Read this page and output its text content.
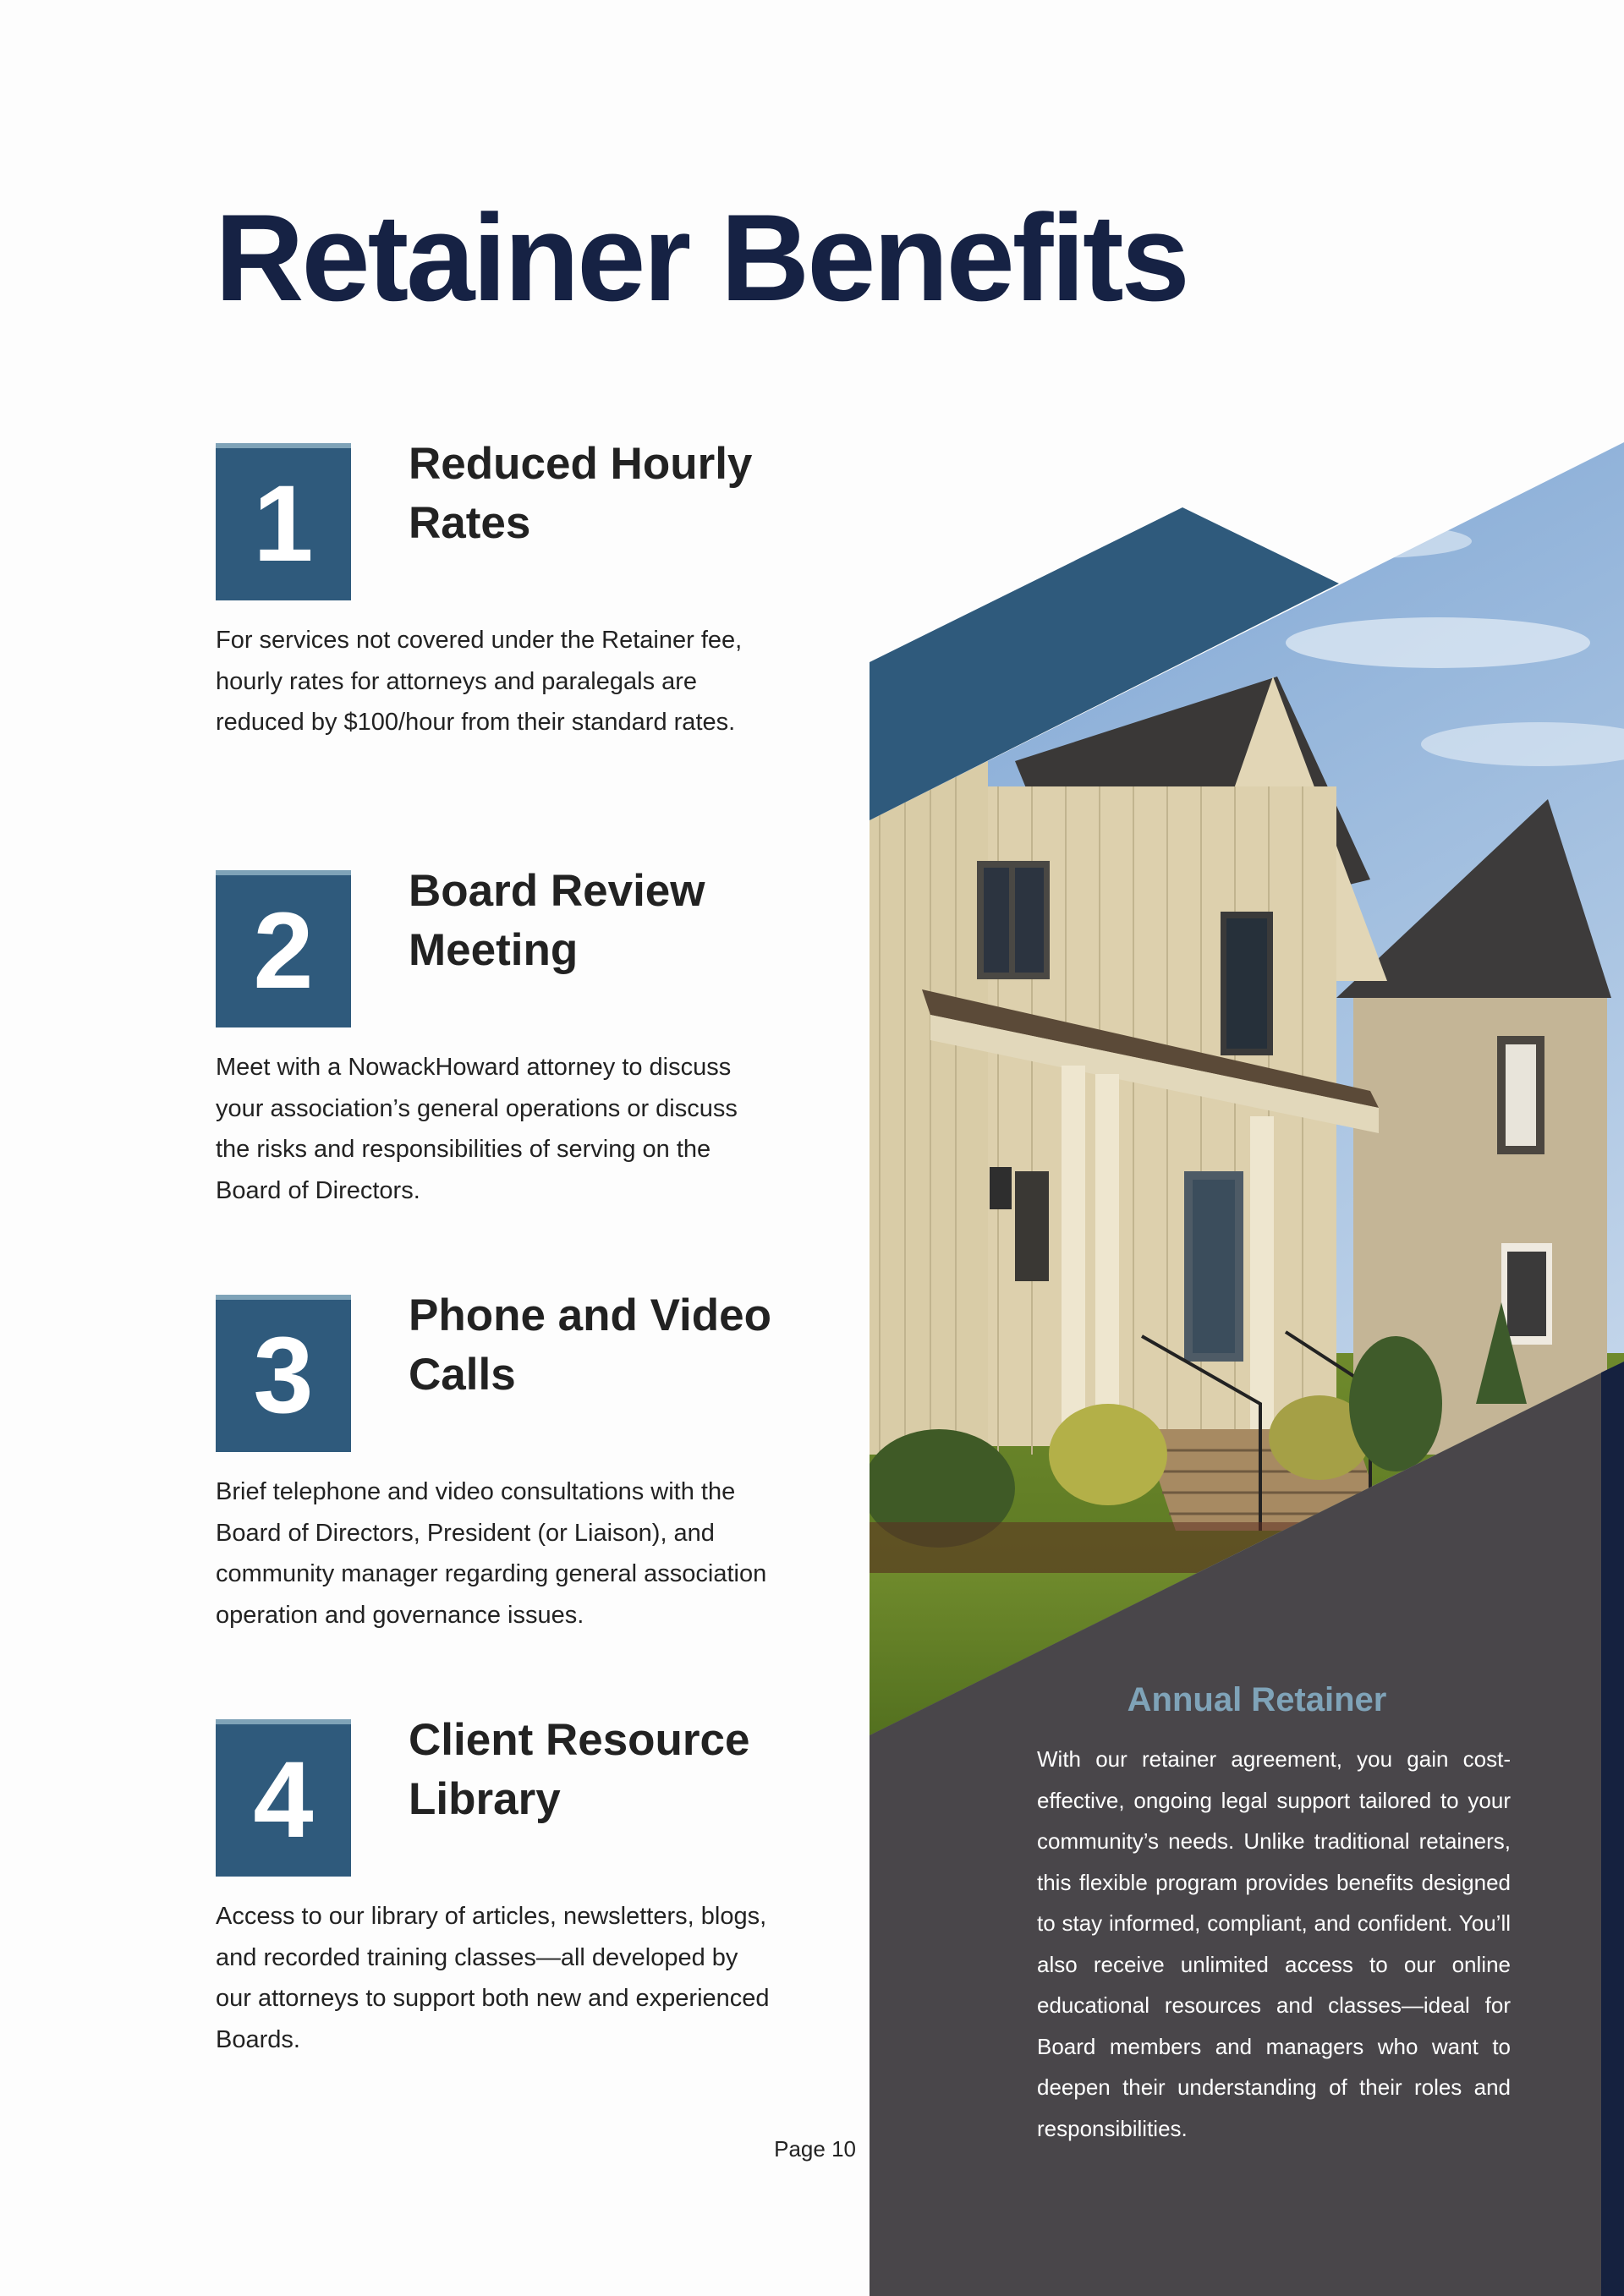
Retainer Benefits
1	Reduced Hourly Rates

For services not covered under the Retainer fee, hourly rates for attorneys and paralegals are reduced by $100/hour from their standard rates.

2	Board Review Meeting

Meet with a NowackHoward attorney to discuss your association’s general operations or discuss the risks and responsibilities of serving on the Board of Directors.

3	Phone and Video Calls

Brief telephone and video consultations with the Board of Directors, President (or Liaison), and community manager regarding general association operation and governance issues.

4	Client Resource Library

Access to our library of articles, newsletters, blogs, and recorded training classes—all developed by our attorneys to support both new and experienced Boards.

Annual Retainer

With our retainer agreement, you gain cost-effective, ongoing legal support tailored to your community’s needs. Unlike traditional retainers, this flexible program provides benefits designed to stay informed, compliant, and confident. You’ll also receive unlimited access to our online educational resources and classes—ideal for Board members and managers who want to deepen their understanding of their roles and responsibilities.

Page 10
